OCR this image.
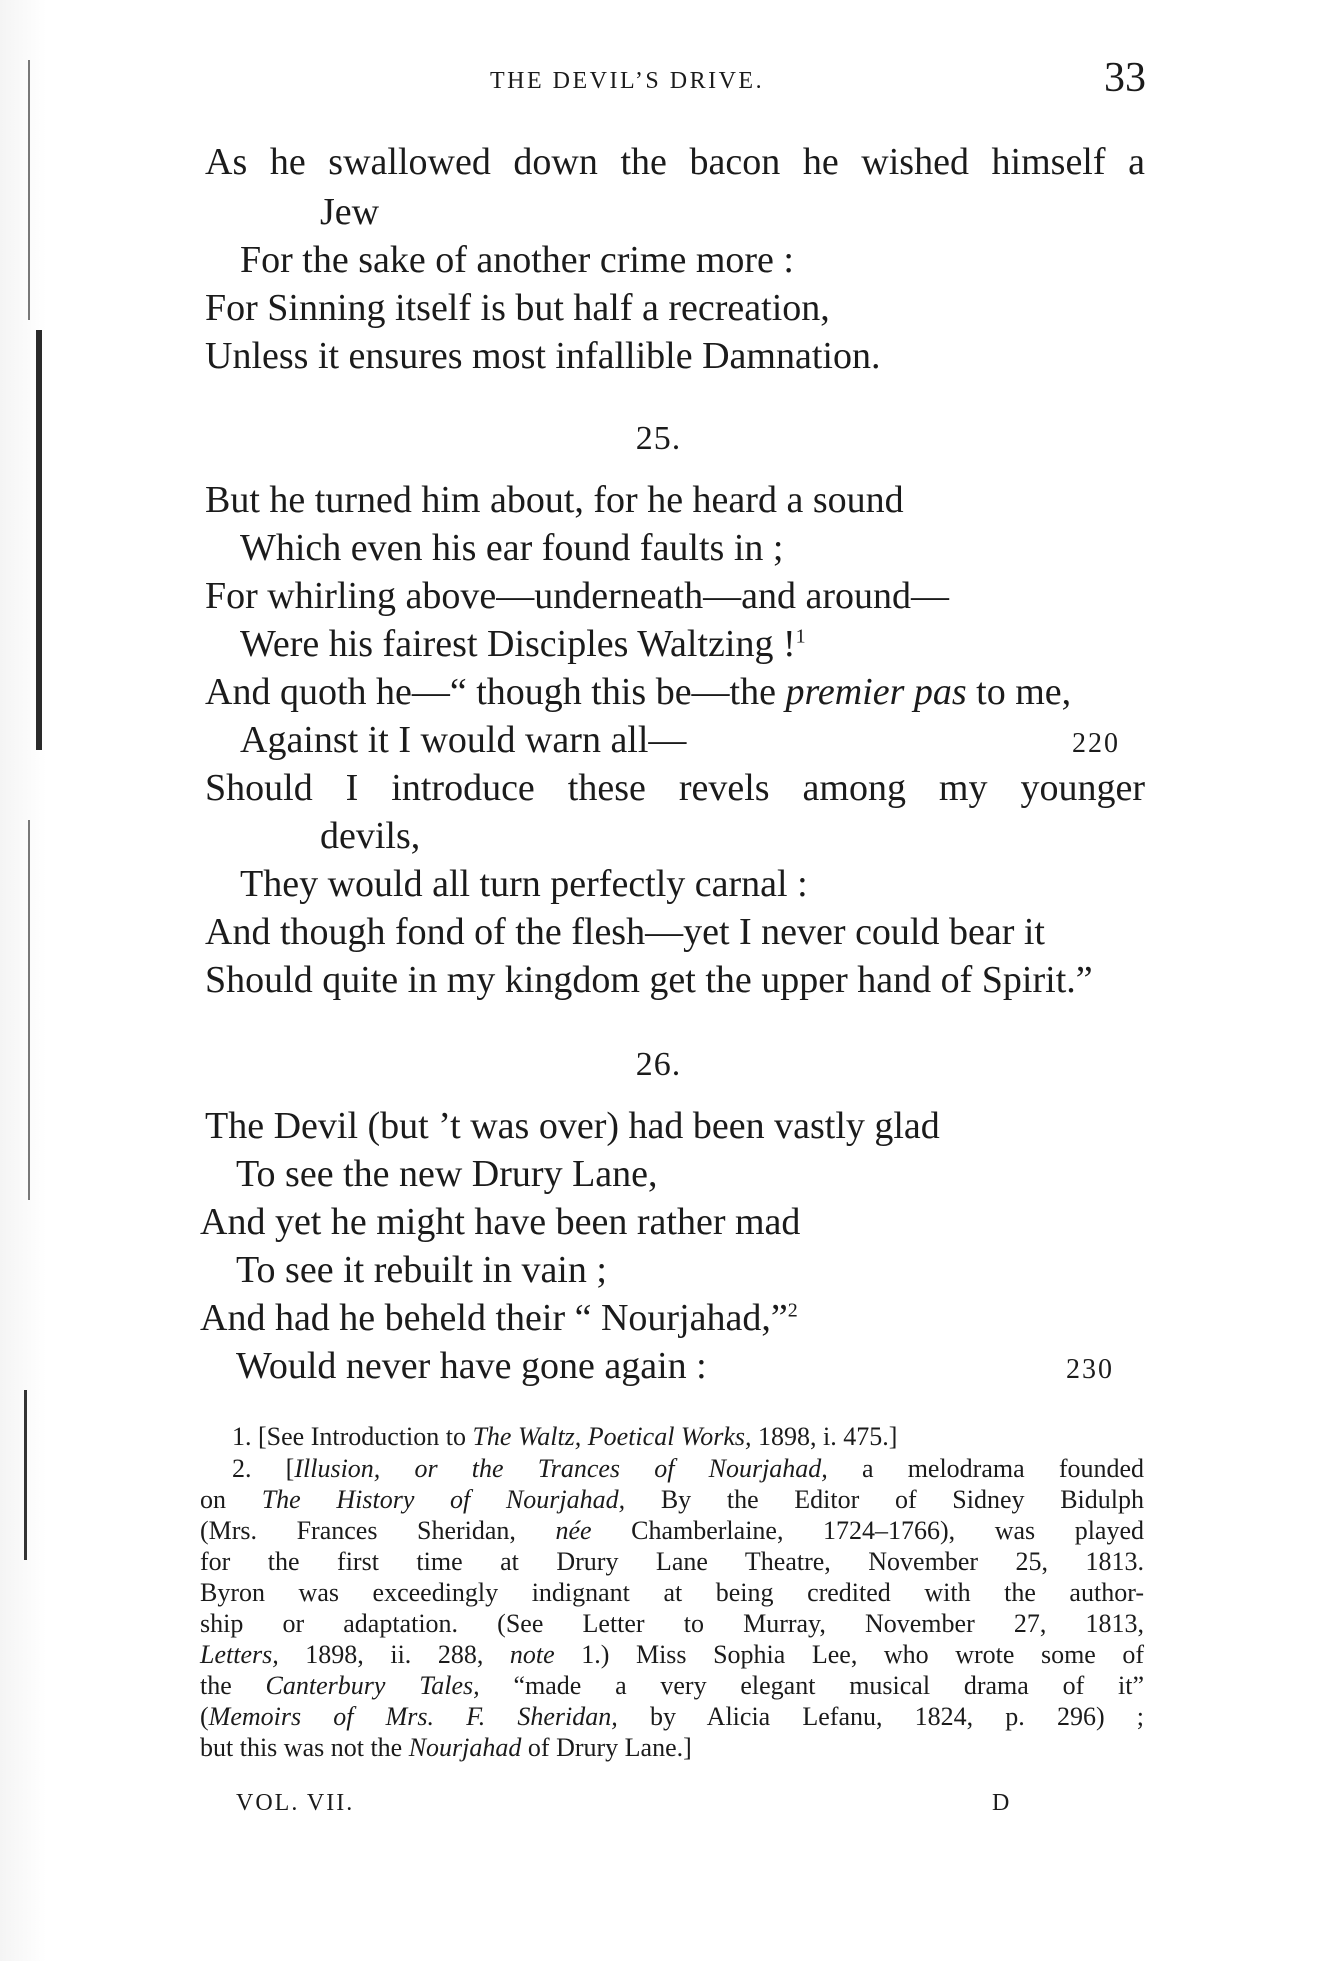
THE DEVIL’S DRIVE.	33
As he swallowed down the bacon he wished himself a
Jew
For the sake of another crime more :
For Sinning itself is but half a recreation,
Unless it ensures most infallible Damnation.
25.
But he turned him about, for he heard a sound
Which even his ear found faults in ;
For whirling above—underneath—and around—
Were his fairest Disciples Waltzing !$^1$
And quoth he—“ though this be—the premier pas to me,
Against it I would warn all—	220
Should I introduce these revels among my younger
devils,
They would all turn perfectly carnal :
And though fond of the flesh—yet I never could bear it
Should quite in my kingdom get the upper hand of Spirit.”
26.
The Devil (but ’t was over) had been vastly glad
To see the new Drury Lane,
And yet he might have been rather mad
To see it rebuilt in vain ;
And had he beheld their “ Nourjahad,”$^2$
Would never have gone again :	230
1. [See Introduction to The Waltz, Poetical Works, 1898, i. 475.]
2. [Illusion, or the Trances of Nourjahad, a melodrama founded
on The History of Nourjahad, By the Editor of Sidney Bidulph
(Mrs. Frances Sheridan, née Chamberlaine, 1724–1766), was played
for the first time at Drury Lane Theatre, November 25, 1813.
Byron was exceedingly indignant at being credited with the author-
ship or adaptation. (See Letter to Murray, November 27, 1813,
Letters, 1898, ii. 288, note 1.) Miss Sophia Lee, who wrote some of
the Canterbury Tales, “made a very elegant musical drama of it”
(Memoirs of Mrs. F. Sheridan, by Alicia Lefanu, 1824, p. 296) ;
but this was not the Nourjahad of Drury Lane.]
VOL. VII.	D
